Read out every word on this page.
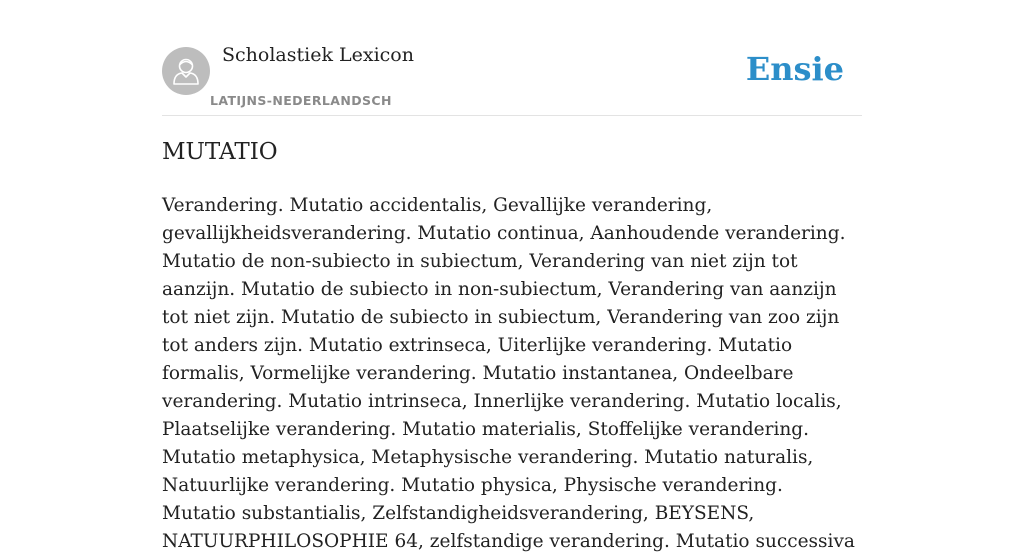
Scholastiek Lexicon
LATIJNS-NEDERLANDSCH
Ensie
MUTATIO

Verandering. Mutatio accidentalis, Gevallijke verandering, gevallijkheidsverandering. Mutatio continua, Aanhoudende verandering. Mutatio de non-subiecto in subiectum, Verandering van niet zijn tot aanzijn. Mutatio de subiecto in non-subiectum, Verandering van aanzijn tot niet zijn. Mutatio de subiecto in subiectum, Verandering van zoo zijn tot anders zijn. Mutatio extrinseca, Uiterlijke verandering. Mutatio formalis, Vormelijke verandering. Mutatio instantanea, Ondeelbare verandering. Mutatio intrinseca, Innerlijke verandering. Mutatio localis, Plaatselijke verandering. Mutatio materialis, Stoffelijke verandering. Mutatio metaphysica, Metaphysische verandering. Mutatio naturalis, Natuurlijke verandering. Mutatio physica, Physische verandering. Mutatio substantialis, Zelfstandigheidsverandering, BEYSENS, NATUURPHILOSOPHIE 64, zelfstandige verandering. Mutatio successiva
